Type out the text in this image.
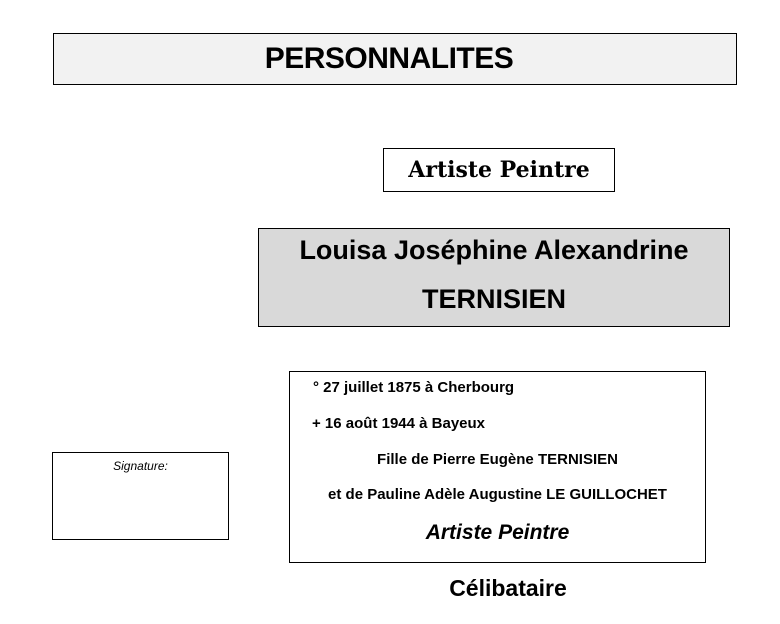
PERSONNALITES
Artiste Peintre
Louisa Joséphine Alexandrine
TERNISIEN
° 27 juillet 1875 à Cherbourg
+ 16 août 1944 à Bayeux
Fille de Pierre Eugène TERNISIEN
et de Pauline Adèle Augustine LE GUILLOCHET
Artiste Peintre
Signature:
Célibataire
